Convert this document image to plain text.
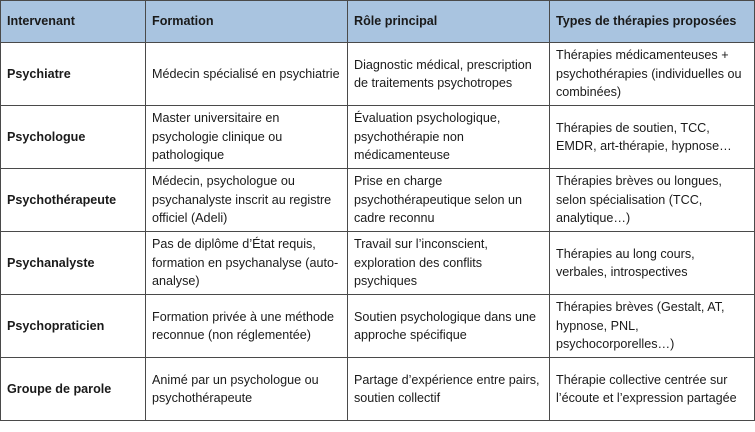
Intervenant	Formation	Rôle principal	Types de thérapies proposées
Psychiatre	Médecin spécialisé en psychiatrie	Diagnostic médical, prescription de traitements psychotropes	Thérapies médicamenteuses + psychothérapies (individuelles ou combinées)
Psychologue	Master universitaire en psychologie clinique ou pathologique	Évaluation psychologique, psychothérapie non médicamenteuse	Thérapies de soutien, TCC, EMDR, art-thérapie, hypnose…
Psychothérapeute	Médecin, psychologue ou psychanalyste inscrit au registre officiel (Adeli)	Prise en charge psychothérapeutique selon un cadre reconnu	Thérapies brèves ou longues, selon spécialisation (TCC, analytique…)
Psychanalyste	Pas de diplôme d’État requis, formation en psychanalyse (auto-analyse)	Travail sur l’inconscient, exploration des conflits psychiques	Thérapies au long cours, verbales, introspectives
Psychopraticien	Formation privée à une méthode reconnue (non réglementée)	Soutien psychologique dans une approche spécifique	Thérapies brèves (Gestalt, AT, hypnose, PNL, psychocorporelles…)
Groupe de parole	Animé par un psychologue ou psychothérapeute	Partage d’expérience entre pairs, soutien collectif	Thérapie collective centrée sur l’écoute et l’expression partagée
